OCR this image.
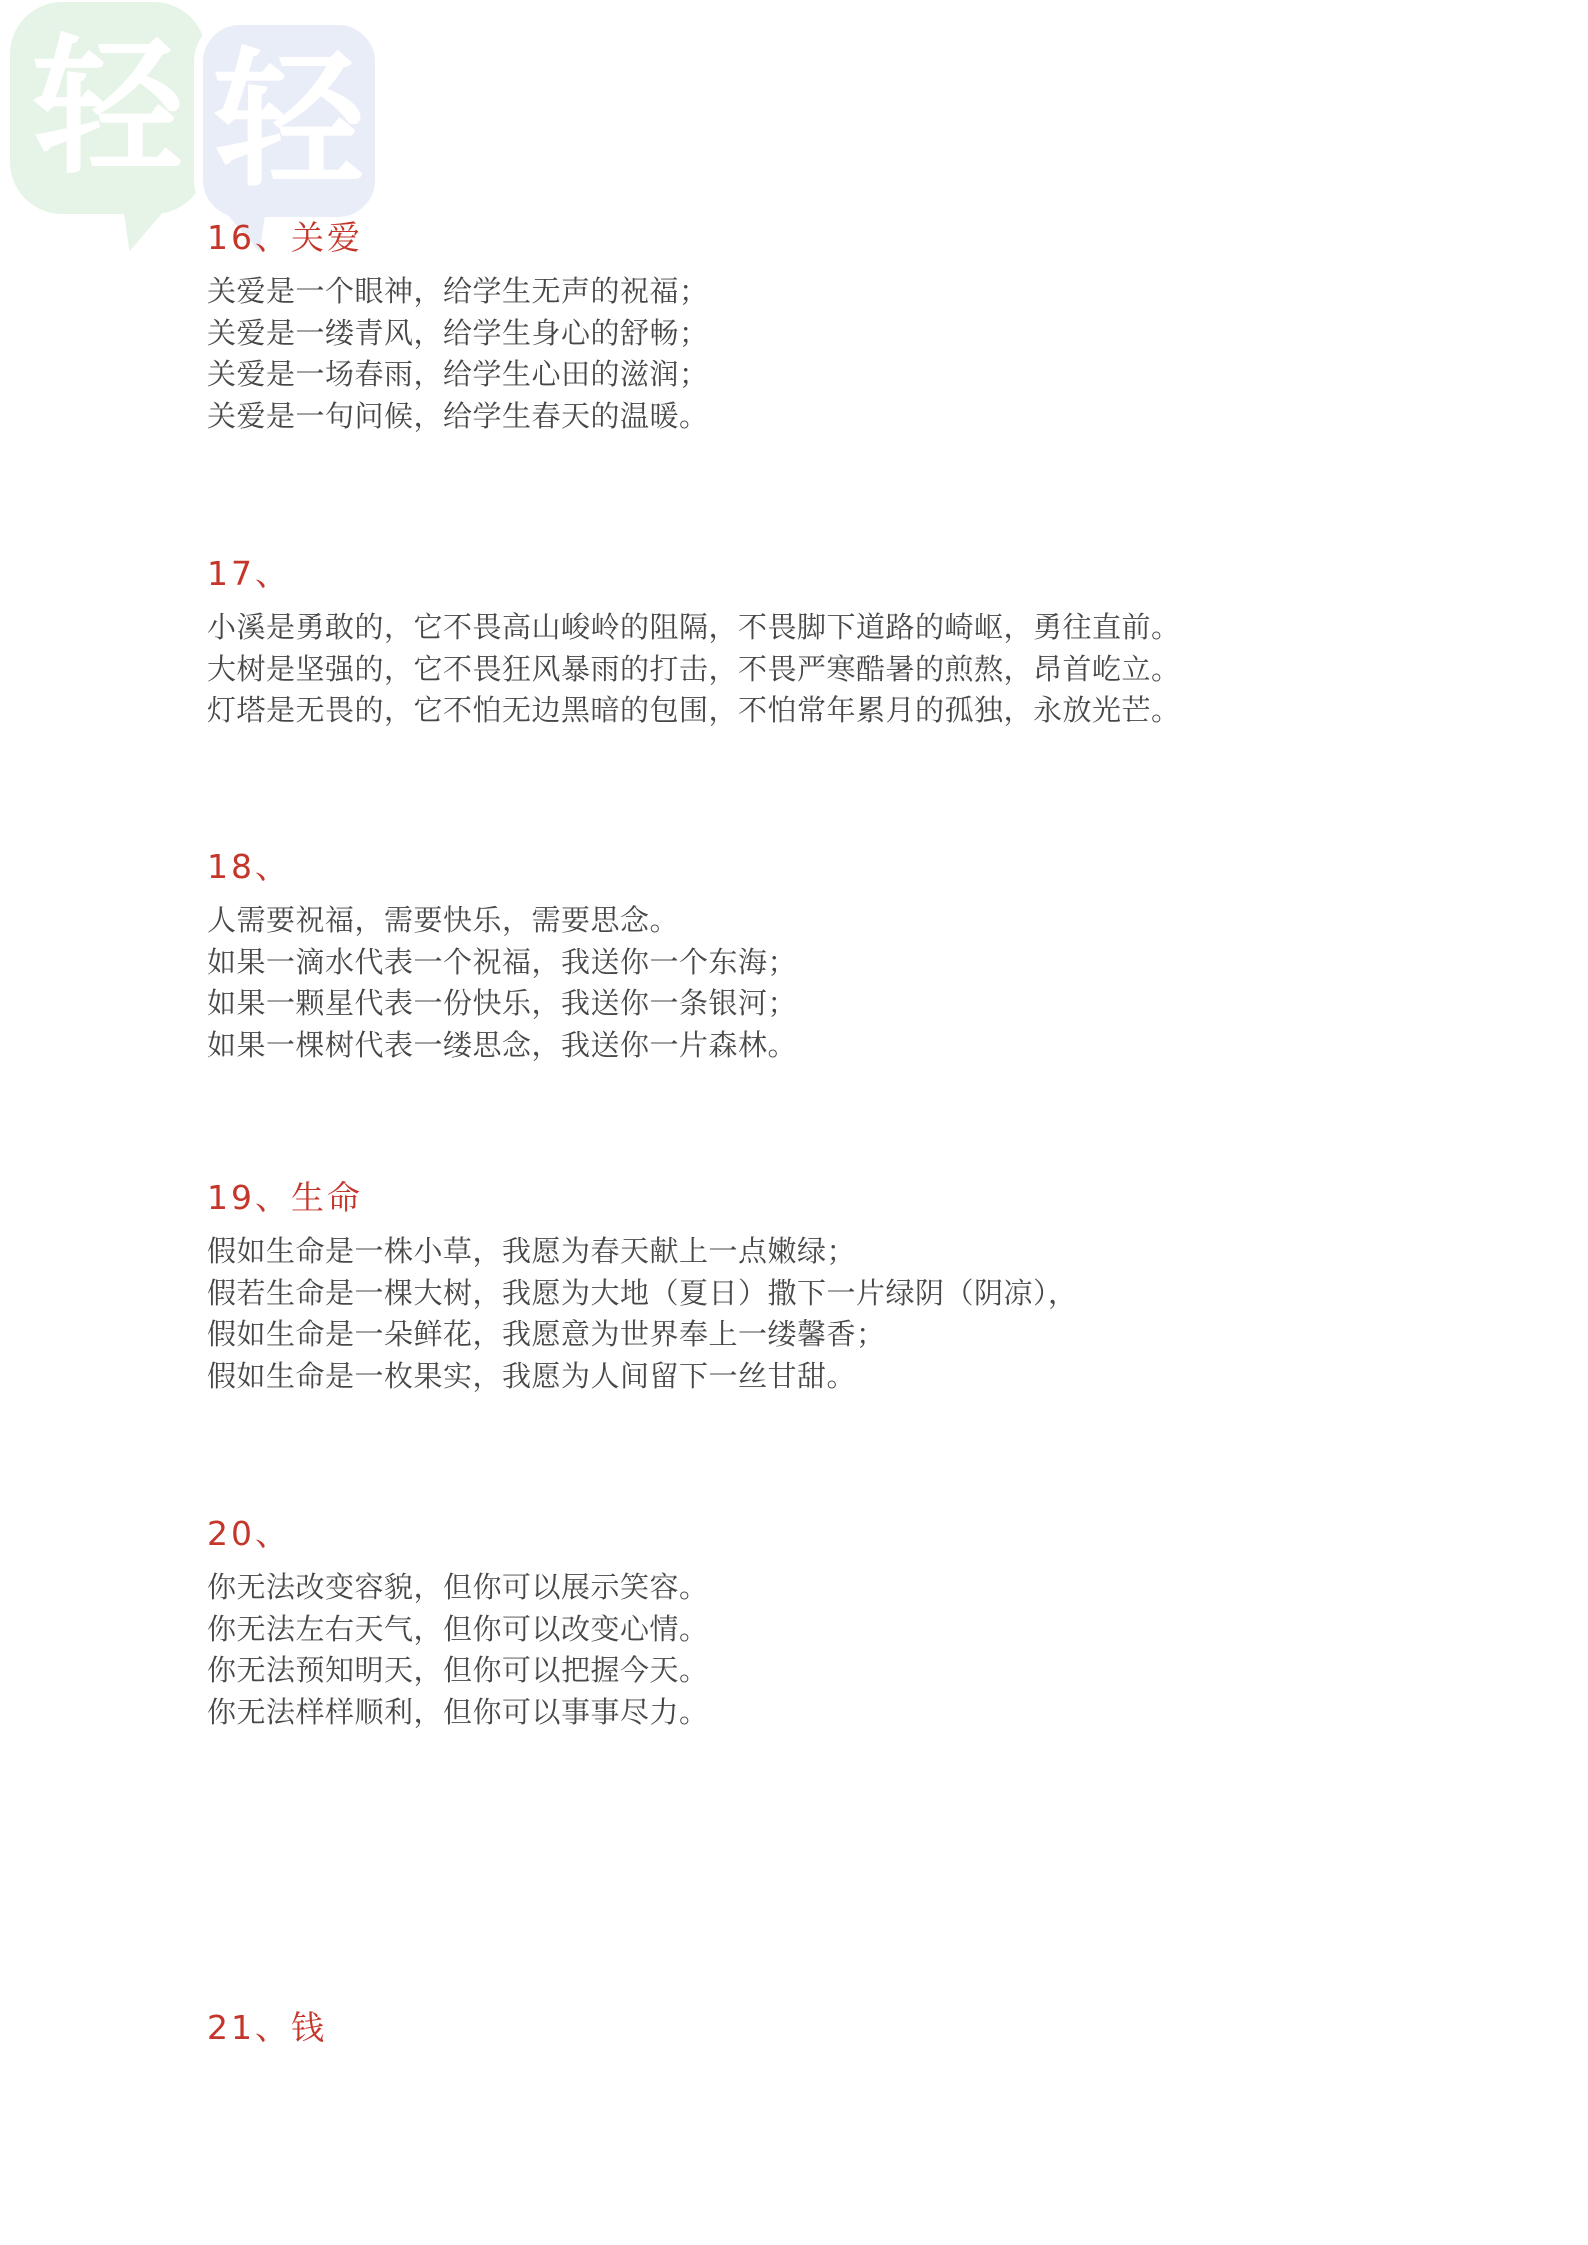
轻 轻
16、关爱

关爱是一个眼神，给学生无声的祝福；
关爱是一缕青风，给学生身心的舒畅；
关爱是一场春雨，给学生心田的滋润；
关爱是一句问候，给学生春天的温暖。

17、

小溪是勇敢的，它不畏高山峻岭的阻隔，不畏脚下道路的崎岖，勇往直前。
大树是坚强的，它不畏狂风暴雨的打击，不畏严寒酷暑的煎熬，昂首屹立。
灯塔是无畏的，它不怕无边黑暗的包围，不怕常年累月的孤独，永放光芒。

18、

人需要祝福，需要快乐，需要思念。
如果一滴水代表一个祝福，我送你一个东海；
如果一颗星代表一份快乐，我送你一条银河；
如果一棵树代表一缕思念，我送你一片森林。

19、生命

假如生命是一株小草，我愿为春天献上一点嫩绿；
假若生命是一棵大树，我愿为大地（夏日）撒下一片绿阴（阴凉），
假如生命是一朵鲜花，我愿意为世界奉上一缕馨香；
假如生命是一枚果实，我愿为人间留下一丝甘甜。

20、

你无法改变容貌，但你可以展示笑容。
你无法左右天气，但你可以改变心情。
你无法预知明天，但你可以把握今天。
你无法样样顺利，但你可以事事尽力。

21、钱
